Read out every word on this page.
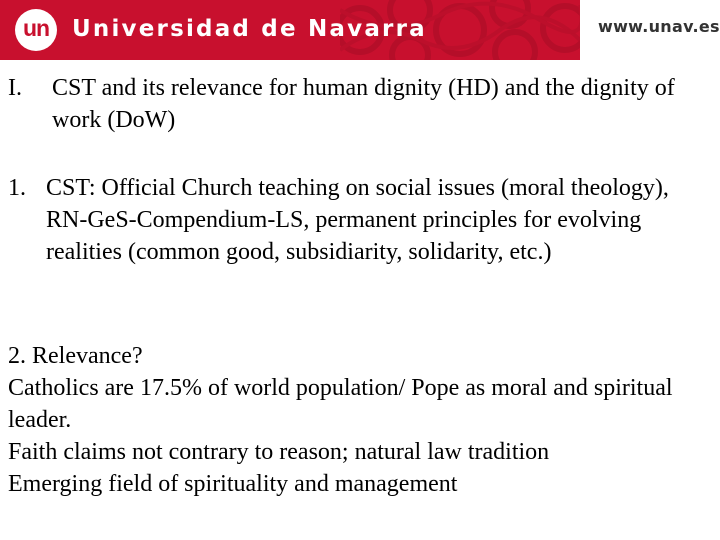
un Universidad de Navarra	www.unav.es
I.	CST and its relevance for human dignity (HD) and the dignity of work (DoW)
1. CST: Official Church teaching on social issues (moral theology), RN-GeS-Compendium-LS, permanent principles for evolving realities (common good, subsidiarity, solidarity, etc.)

2. Relevance?

Catholics are 17.5% of world population/ Pope as moral and spiritual leader.

Faith claims not contrary to reason; natural law tradition

Emerging field of spirituality and management
